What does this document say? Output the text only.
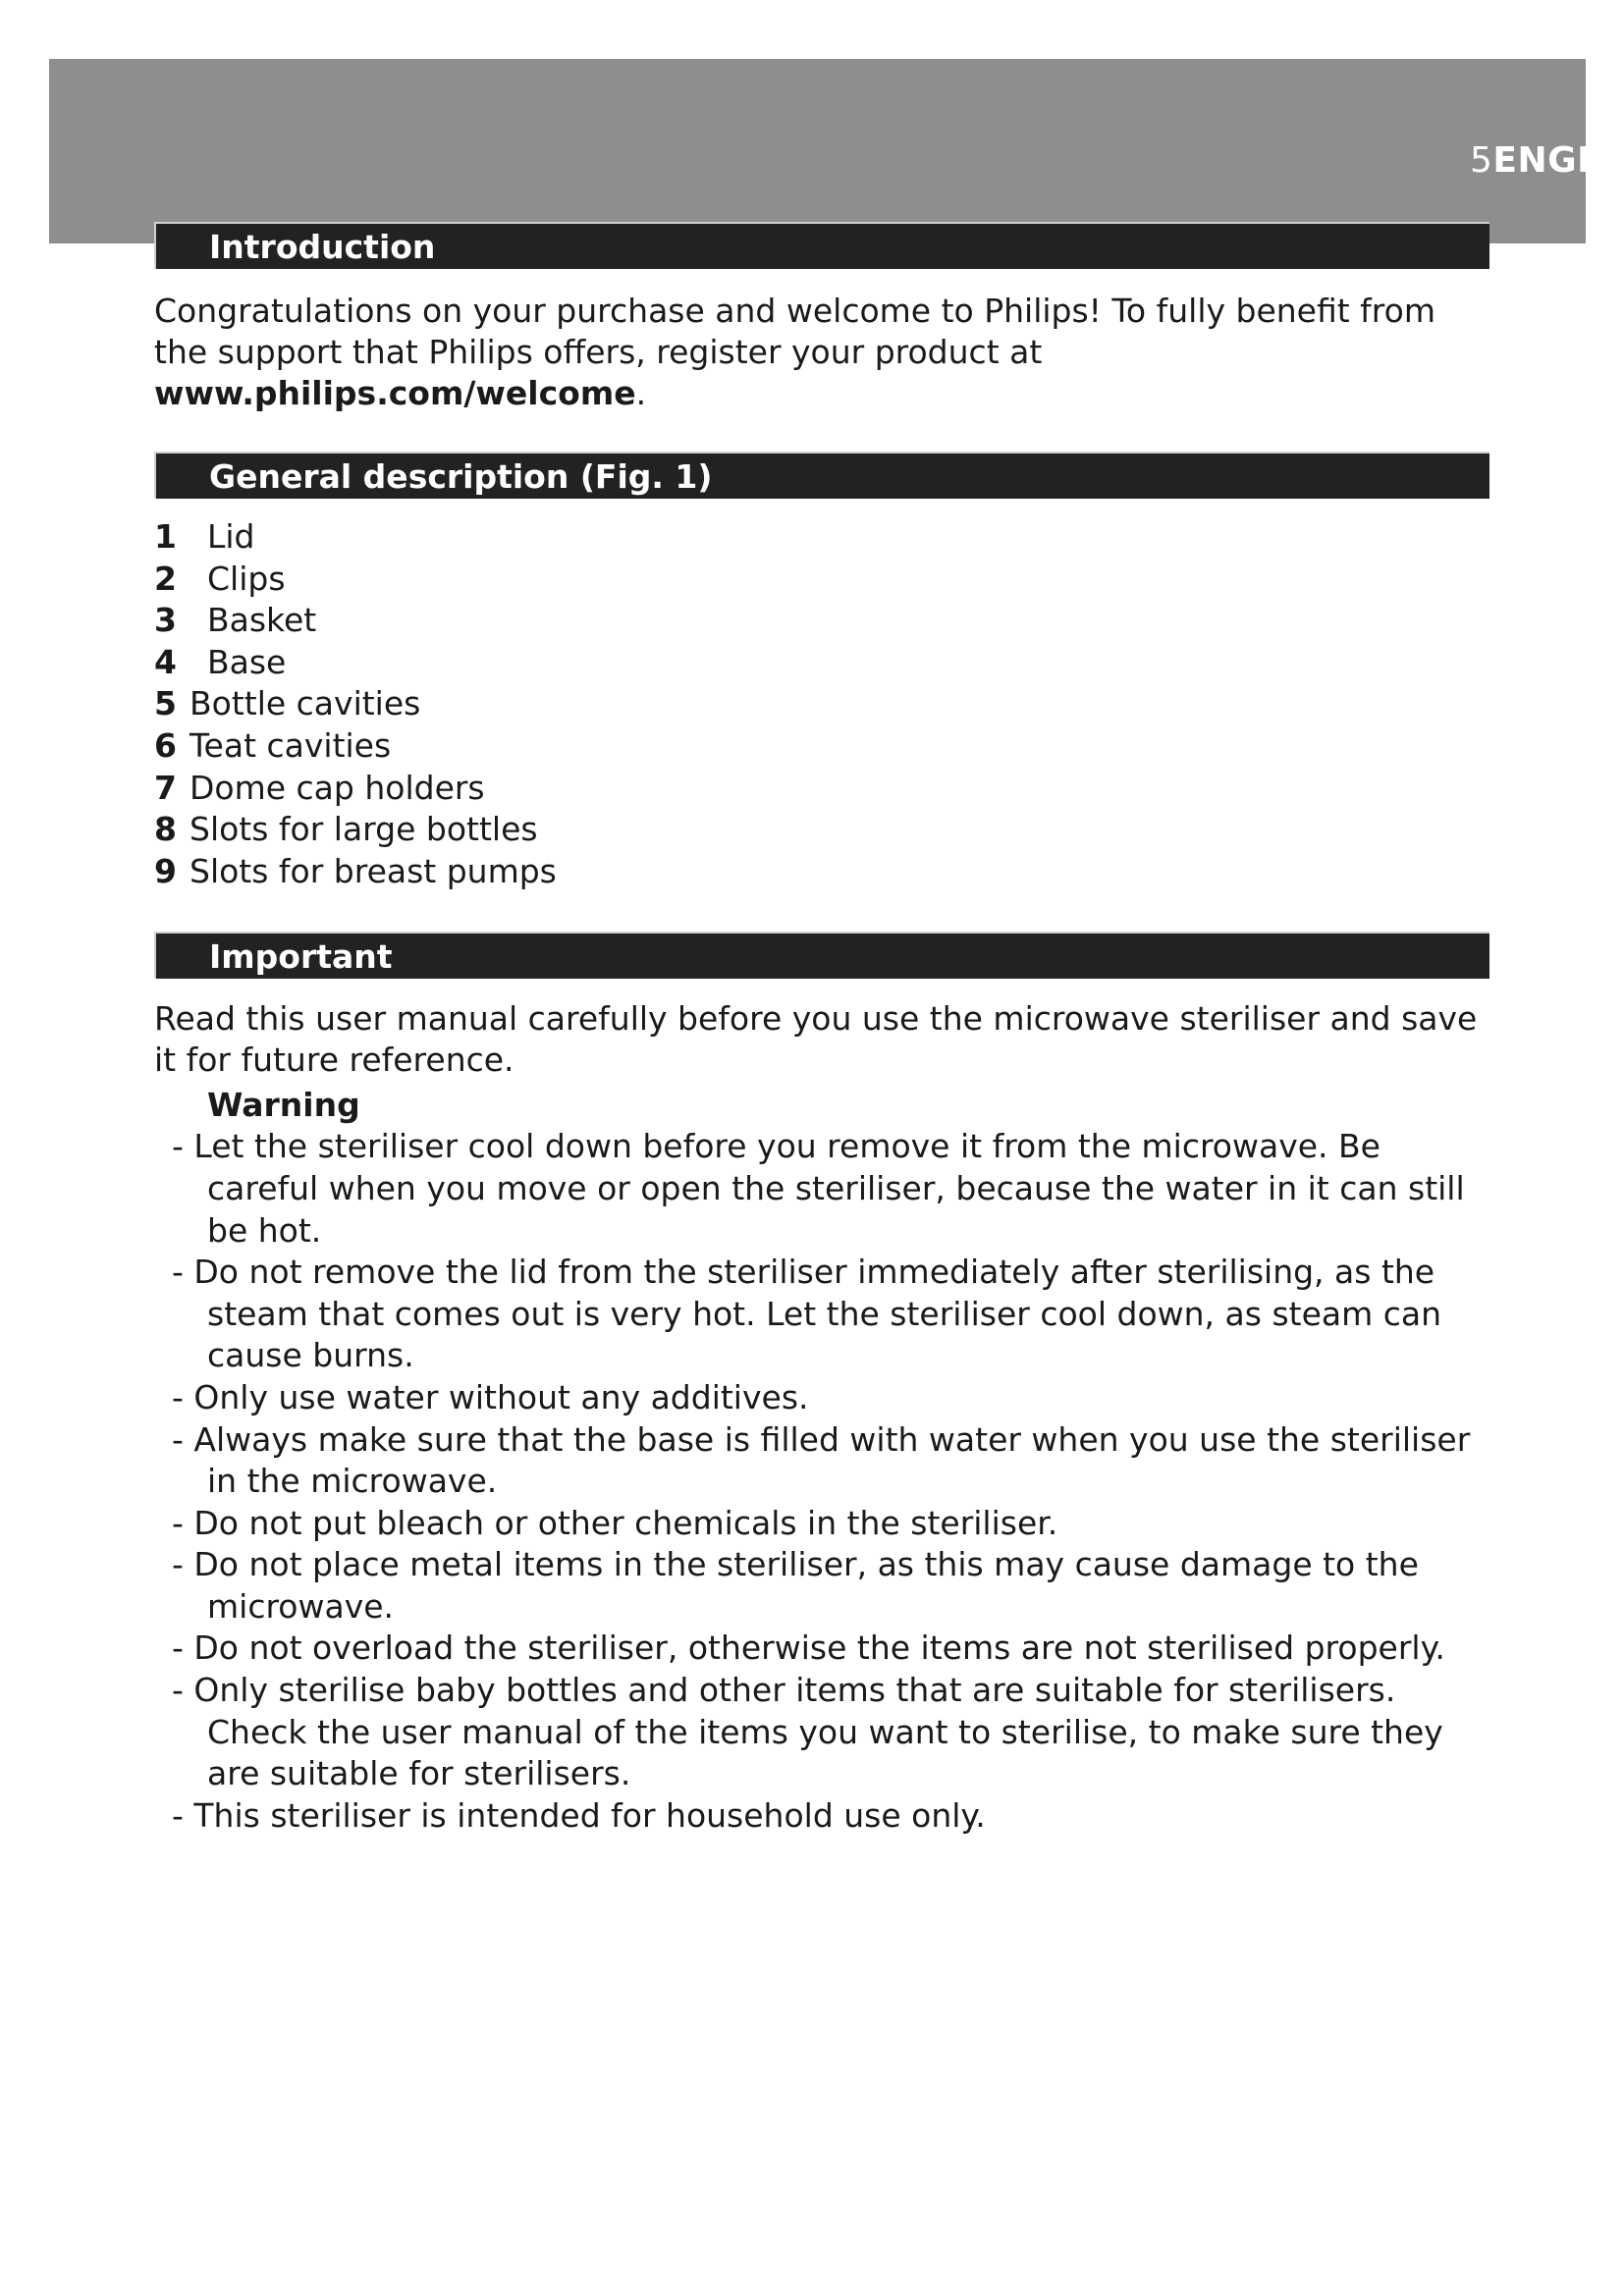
5ENGL
Introduction

Congratulations on your purchase and welcome to Philips! To fully benefit from the support that Philips offers, register your product at www.philips.com/welcome.

General description (Fig. 1)
1 Lid
2 Clips
3 Basket
4 Base
5 Bottle cavities
6 Teat cavities
7 Dome cap holders
8 Slots for large bottles
9 Slots for breast pumps
Important

Read this user manual carefully before you use the microwave steriliser and save it for future reference.

Warning
- Let the steriliser cool down before you remove it from the microwave. Be careful when you move or open the steriliser, because the water in it can still be hot.
- Do not remove the lid from the steriliser immediately after sterilising, as the steam that comes out is very hot. Let the steriliser cool down, as steam can cause burns.
- Only use water without any additives.
- Always make sure that the base is filled with water when you use the steriliser in the microwave.
- Do not put bleach or other chemicals in the steriliser.
- Do not place metal items in the steriliser, as this may cause damage to the microwave.
- Do not overload the steriliser, otherwise the items are not sterilised properly.
- Only sterilise baby bottles and other items that are suitable for sterilisers. Check the user manual of the items you want to sterilise, to make sure they are suitable for sterilisers.
- This steriliser is intended for household use only.
